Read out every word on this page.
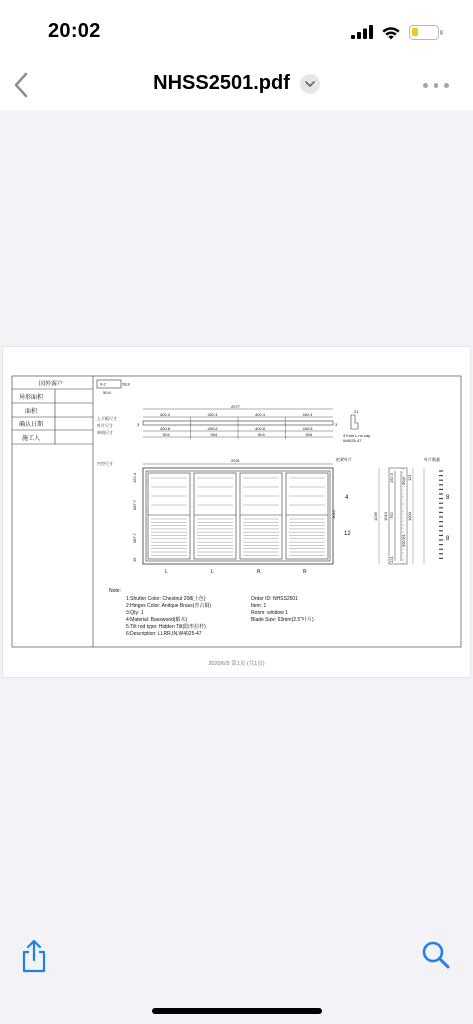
20:02
NHSS2501.pdf
国外客户
异形面积
面积
确认日期
施工人
9-2	28.8
50.6
上下板尺寸
叶片尺寸
单扇尺寸
2077
3	3
21
47mm L no cap
W4025-47
内空尺寸
2031
1010
152.4
587.7
587.7
26
松紧叶片	叶片数量
1036 1010
192.9
792
200.91
121
1004
50.8 121
4
12
8
8
402.4
400.8
504
402.4
400.8
504
402.4
400.8
504
402.4
400.8
504
L	L	R	R
Note:
1:Shutter Color: Chestnut 208(上色)
2:Hinges Color: Anitque Brass(青古铜)
3:Qty: 1
4:Material: Basswood(椴木)
5:Tilt rod type: Hidden Tilt(隐形拉杆)
6:Description: LLRR,IN,W4025-47
Order ID: NHSS2501
Item: 1
Room: window 1
Blade Size: 63mm(2.5"叶片)
2020/6/5 第1页 (共1页)
